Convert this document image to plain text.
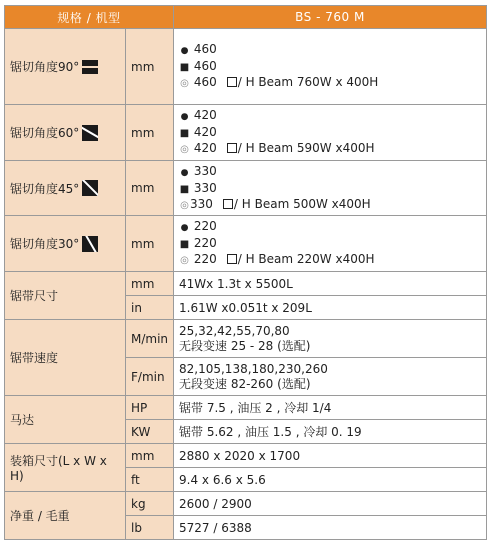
规格 / 机型		BS - 760 M

锯切角度90°	mm	● 460
■ 460
◎ 460 / H Beam 760W x 400H

锯切角度60°	mm	● 420
■ 420
◎ 420 / H Beam 590W x400H

锯切角度45°	mm	● 330
■ 330
◎330 / H Beam 500W x400H

锯切角度30°	mm	● 220
■ 220
◎ 220 / H Beam 220W x400H

锯带尺寸	mm	41Wx 1.3t x 5500L
	in	1.61W x0.051t x 209L
锯带速度	M/min	25,32,42,55,70,80
无段变速 25 - 28 (选配)

	F/min	82,105,138,180,230,260
无段变速 82-260 (选配)

马达	HP	锯带 7.5 , 油压 2 , 冷却 1/4
	KW	锯带 5.62 , 油压 1.5 , 冷却 0. 19
装箱尺寸(L x W x H)	mm	2880 x 2020 x 1700
	ft	9.4 x 6.6 x 5.6
净重 / 毛重	kg	2600 / 2900
	lb	5727 / 6388
